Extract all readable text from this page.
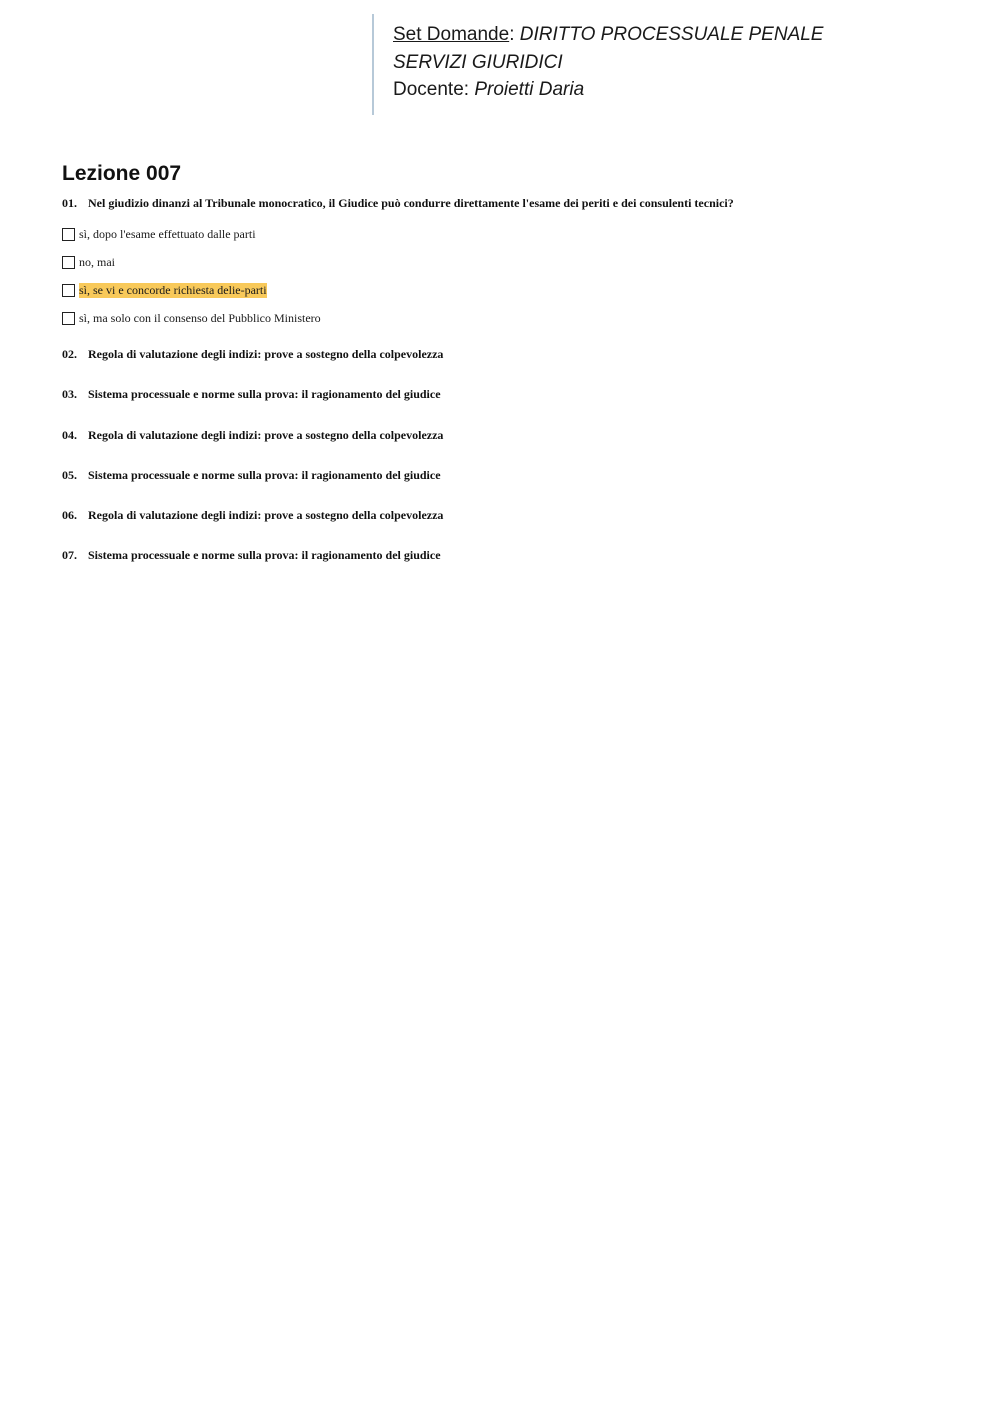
Set Domande: DIRITTO PROCESSUALE PENALE
SERVIZI GIURIDICI
Docente: Proietti Daria
Lezione 007
01. Nel giudizio dinanzi al Tribunale monocratico, il Giudice può condurre direttamente l'esame dei periti e dei consulenti tecnici?
sì, dopo l'esame effettuato dalle parti
no, mai
sì, se vi e concorde richiesta delie-parti
sì, ma solo con il consenso del Pubblico Ministero
02. Regola di valutazione degli indizi: prove a sostegno della colpevolezza
03. Sistema processuale e norme sulla prova: il ragionamento del giudice
04. Regola di valutazione degli indizi: prove a sostegno della colpevolezza
05. Sistema processuale e norme sulla prova: il ragionamento del giudice
06. Regola di valutazione degli indizi: prove a sostegno della colpevolezza
07. Sistema processuale e norme sulla prova: il ragionamento del giudice
